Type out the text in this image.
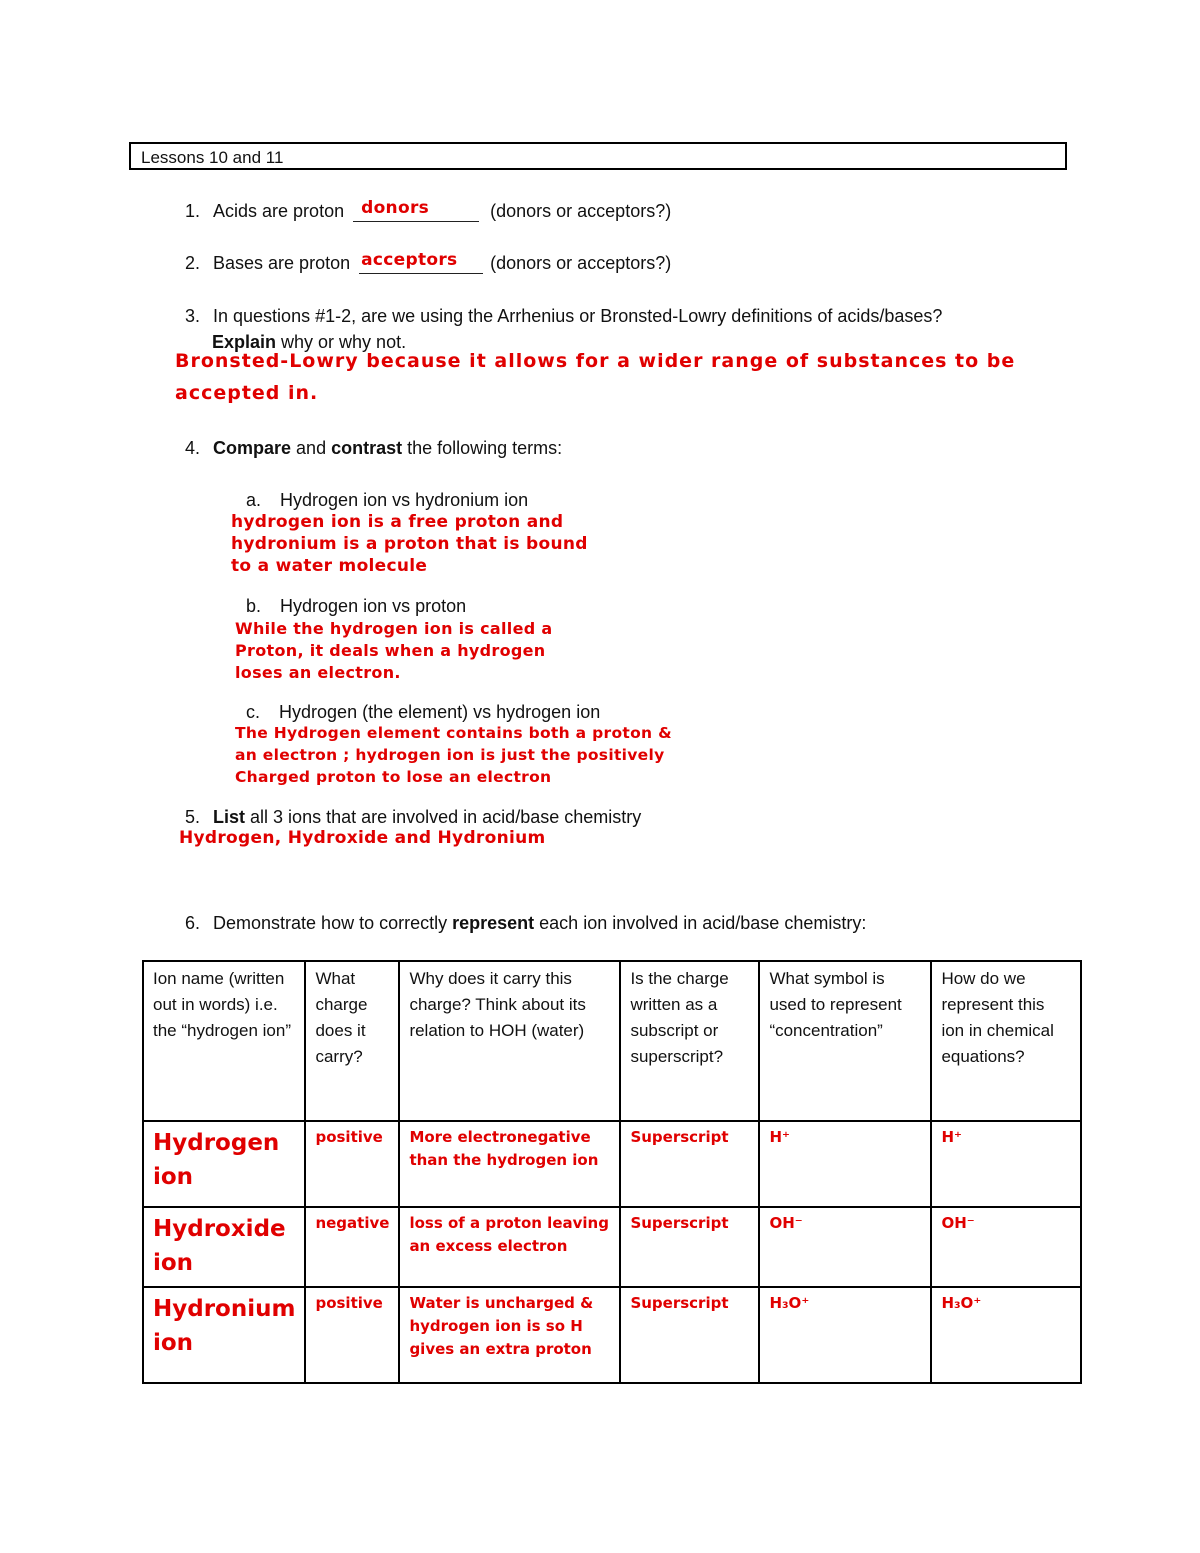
Lessons 10 and 11
1. Acids are proton donors	(donors or acceptors?)
2. Bases are proton acceptors (donors or acceptors?)
3. In questions #1-2, are we using the Arrhenius or Bronsted-Lowry definitions of acids/bases?
Explain why or why not.
Bronsted-Lowry because it allows for a wider range of substances to be
accepted in.
4. Compare and contrast the following terms:
a. Hydrogen ion vs hydronium ion
hydrogen ion is a free proton and
hydronium is a proton that is bound
to a water molecule
b. Hydrogen ion vs proton
While the hydrogen ion is called a
Proton, it deals when a hydrogen
loses an electron.
c. Hydrogen (the element) vs hydrogen ion
The Hydrogen element contains both a proton &
an electron ; hydrogen ion is just the positively
Charged proton to lose an electron
5. List all 3 ions that are involved in acid/base chemistry
Hydrogen, Hydroxide and Hydronium
6. Demonstrate how to correctly represent each ion involved in acid/base chemistry:
Ion name (written out in words) i.e. the “hydrogen ion”	What charge does it carry?	Why does it carry this charge? Think about its relation to HOH (water)	Is the charge written as a subscript or superscript?	What symbol is used to represent “concentration”	How do we represent this ion in chemical equations?
Hydrogen ion	positive	More electronegative than the hydrogen ion	Superscript	H⁺	H⁺
Hydroxide ion	negative	loss of a proton leaving an excess electron	Superscript	OH⁻	OH⁻
Hydronium ion	positive	Water is uncharged & hydrogen ion is so H gives an extra proton	Superscript	H₃O⁺	H₃O⁺
